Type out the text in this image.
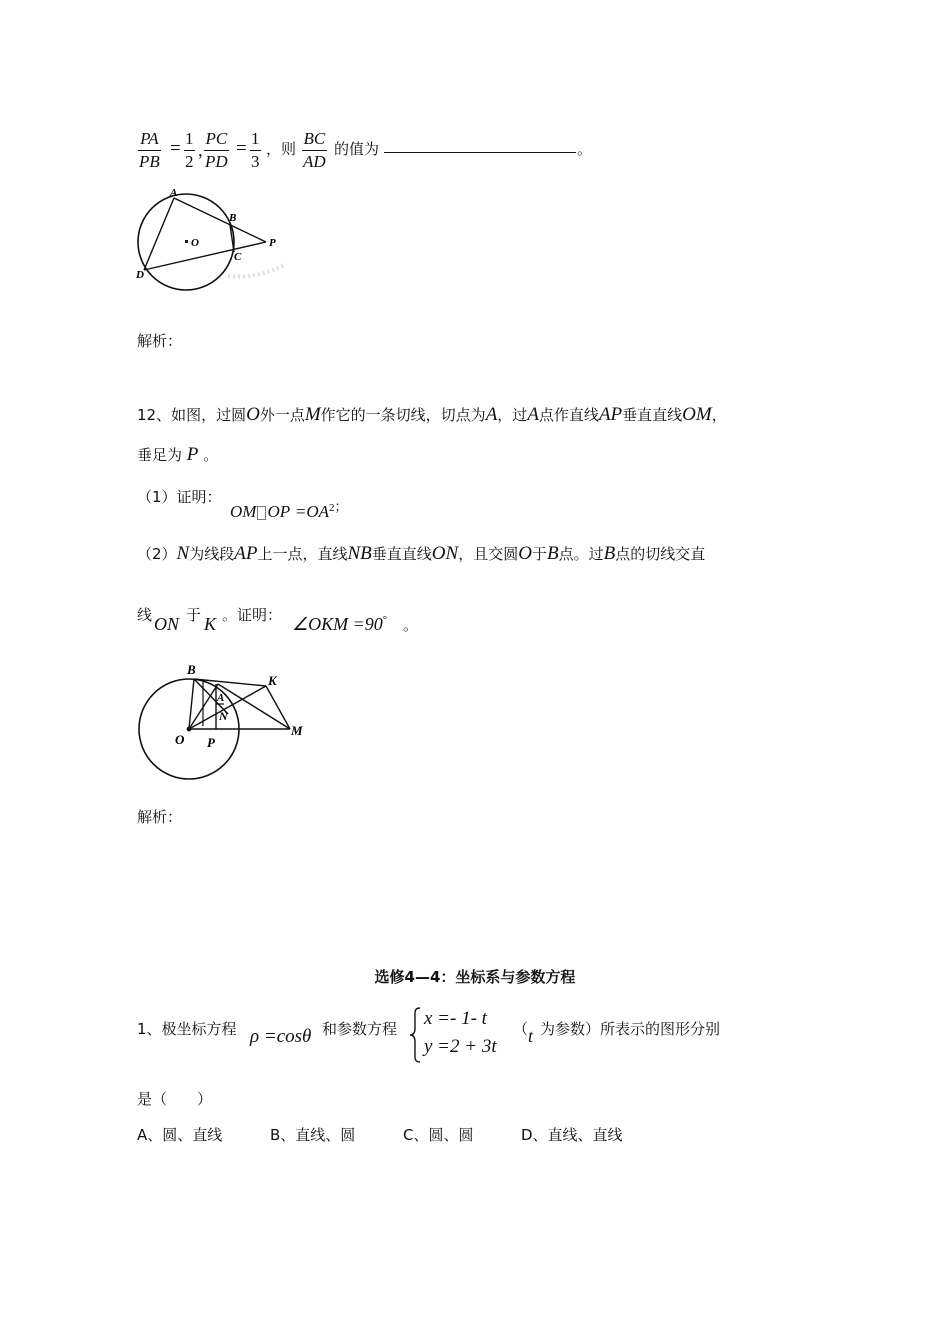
PA
PB
= 1
2
,
PC
PD
= 1
3
，则
BC
AD
的值为	。
A
B
C
D
O	P
解析：
12、如图，过圆O外一点M作它的一条切线，切点为A，过A点作直线AP垂直直线OM，
垂足为 P 。
（1）证明：
OM OP $=OA^2$；
（2）N为线段AP上一点，直线NB垂直直线ON，且交圆O于B点。过B点的切线交直
线 ON 于 K 。证明： ∠OKM =90° 。
B
K
A
N
O P
M
解析：
选修4—4：坐标系与参数方程
1、极坐标方程 ρ =cosθ 和参数方程 x =- 1- t
y =2 + 3t
（ t 为参数）所表示的图形分别
是（　　）
A、圆、直线	B、直线、圆	C、圆、圆	D、直线、直线
